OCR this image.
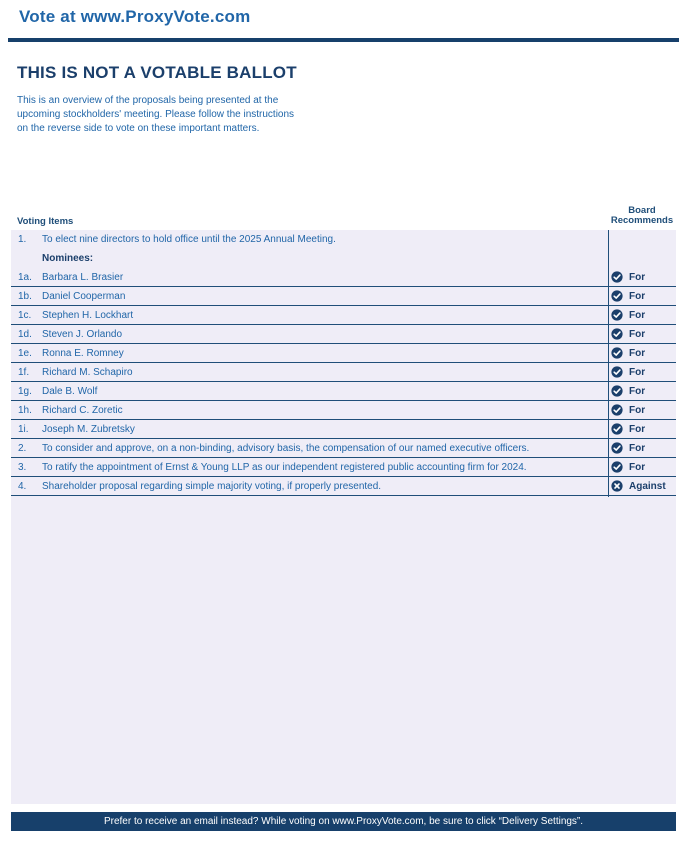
Vote at www.ProxyVote.com
THIS IS NOT A VOTABLE BALLOT
This is an overview of the proposals being presented at the
upcoming stockholders' meeting. Please follow the instructions
on the reverse side to vote on these important matters.
Voting Items
Board
Recommends
1. To elect nine directors to hold office until the 2025 Annual Meeting.
Nominees:
1a. Barbara L. Brasier	For
1b. Daniel Cooperman	For
1c. Stephen H. Lockhart	For
1d. Steven J. Orlando	For
1e. Ronna E. Romney	For
1f. Richard M. Schapiro	For
1g. Dale B. Wolf	For
1h. Richard C. Zoretic	For
1i. Joseph M. Zubretsky	For
2. To consider and approve, on a non-binding, advisory basis, the compensation of our named executive officers.	For
3. To ratify the appointment of Ernst & Young LLP as our independent registered public accounting firm for 2024.	For
4. Shareholder proposal regarding simple majority voting, if properly presented.	Against
Prefer to receive an email instead? While voting on www.ProxyVote.com, be sure to click “Delivery Settings”.
